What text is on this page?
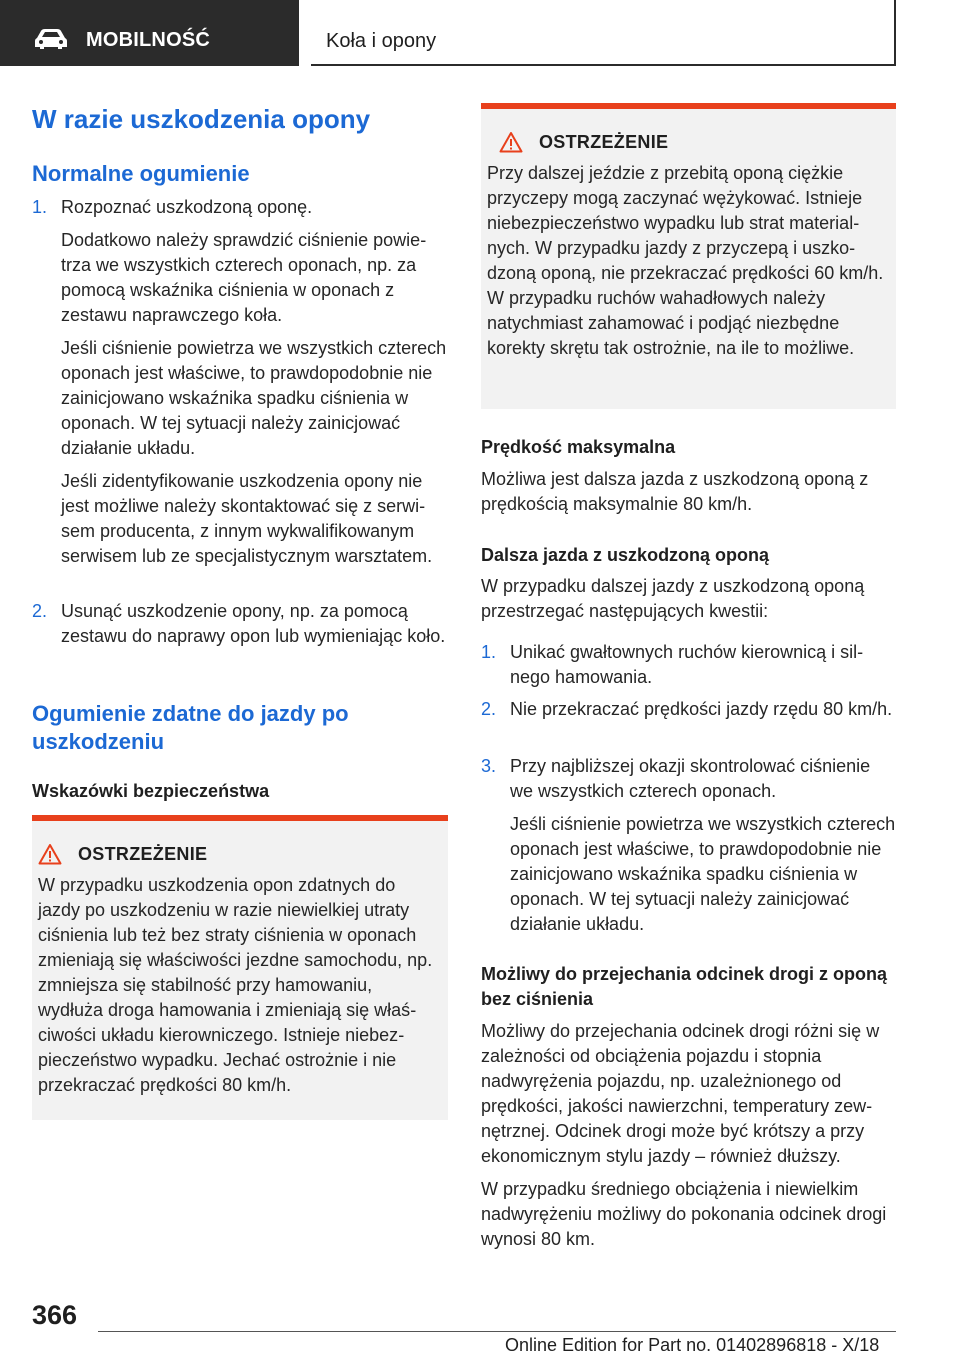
MOBILNOŚĆ	Koła i opony
W razie uszkodzenia opony
Normalne ogumienie
1. Rozpoznać uszkodzoną oponę.
Dodatkowo należy sprawdzić ciśnienie powietrza we wszystkich czterech oponach, np. za pomocą wskaźnika ciśnienia w oponach z zestawu naprawczego koła.
Jeśli ciśnienie powietrza we wszystkich czterech oponach jest właściwe, to prawdopodobnie nie zainicjowano wskaźnika spadku ciśnienia w oponach. W tej sytuacji należy zainicjować działanie układu.
Jeśli zidentyfikowanie uszkodzenia opony nie jest możliwe należy skontaktować się z serwisem producenta, z innym wykwalifikowanym serwisem lub ze specjalistycznym warsztatem.
2. Usunąć uszkodzenie opony, np. za pomocą zestawu do naprawy opon lub wymieniając koło.
Ogumienie zdatne do jazdy po uszkodzeniu
Wskazówki bezpieczeństwa
OSTRZEŻENIE
W przypadku uszkodzenia opon zdatnych do jazdy po uszkodzeniu w razie niewielkiej utraty ciśnienia lub też bez straty ciśnienia w oponach zmieniają się właściwości jezdne samochodu, np. zmniejsza się stabilność przy hamowaniu, wydłuża droga hamowania i zmieniają się właściwości układu kierowniczego. Istnieje niebezpieczeństwo wypadku. Jechać ostrożnie i nie przekraczać prędkości 80 km/h.
OSTRZEŻENIE
Przy dalszej jeździe z przebitą oponą ciężkie przyczepy mogą zaczynać wężykować. Istnieje niebezpieczeństwo wypadku lub strat materialnych. W przypadku jazdy z przyczepą i uszkodzoną oponą, nie przekraczać prędkości 60 km/h. W przypadku ruchów wahadłowych należy natychmiast zahamować i podjąć niezbędne korekty skrętu tak ostrożnie, na ile to możliwe.
Prędkość maksymalna
Możliwa jest dalsza jazda z uszkodzoną oponą z prędkością maksymalnie 80 km/h.
Dalsza jazda z uszkodzoną oponą
W przypadku dalszej jazdy z uszkodzoną oponą przestrzegać następujących kwestii:
1. Unikać gwałtownych ruchów kierownicą i silnego hamowania.
2. Nie przekraczać prędkości jazdy rzędu 80 km/h.
3. Przy najbliższej okazji skontrolować ciśnienie we wszystkich czterech oponach.
Jeśli ciśnienie powietrza we wszystkich czterech oponach jest właściwe, to prawdopodobnie nie zainicjowano wskaźnika spadku ciśnienia w oponach. W tej sytuacji należy zainicjować działanie układu.
Możliwy do przejechania odcinek drogi z oponą bez ciśnienia
Możliwy do przejechania odcinek drogi różni się w zależności od obciążenia pojazdu i stopnia nadwyrężenia pojazdu, np. uzależnionego od prędkości, jakości nawierzchni, temperatury zewnętrznej. Odcinek drogi może być krótszy a przy ekonomicznym stylu jazdy – również dłuższy.
W przypadku średniego obciążenia i niewielkim nadwyrężeniu możliwy do pokonania odcinek drogi wynosi 80 km.
366
Online Edition for Part no. 01402896818 - X/18
